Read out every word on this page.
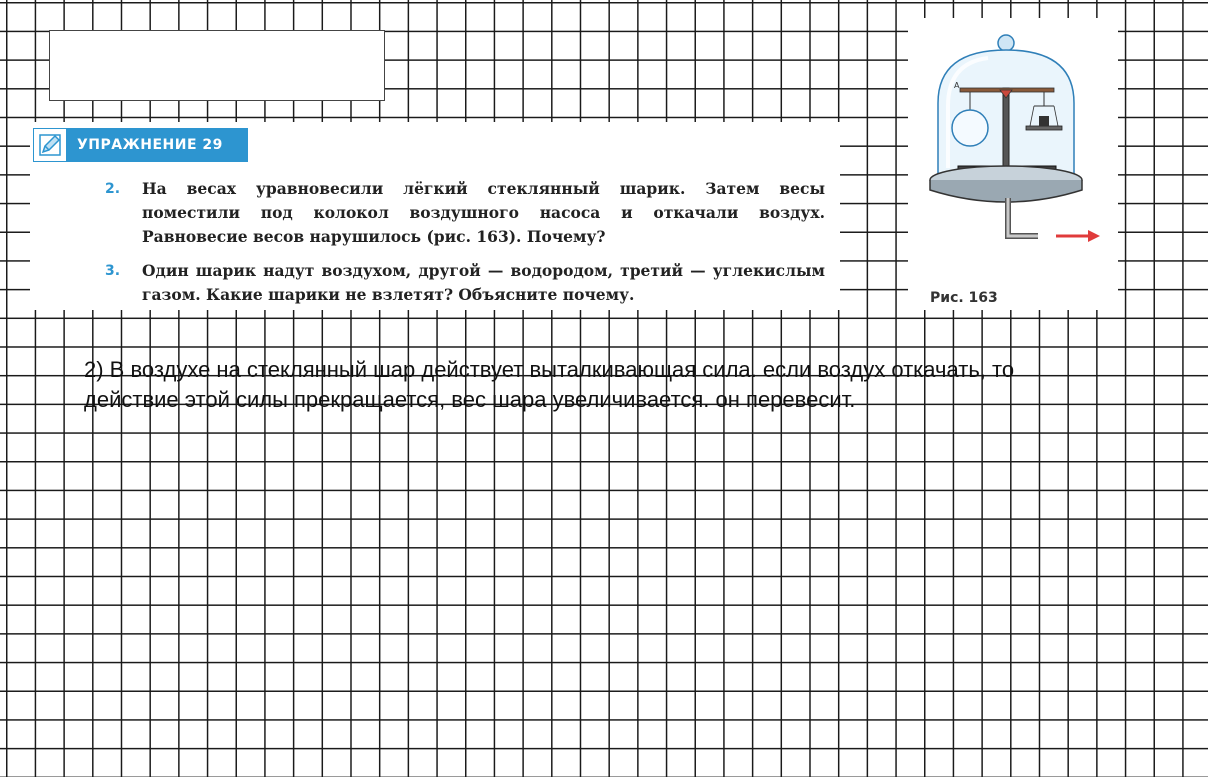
УПРАЖНЕНИЕ 29
2. На весах уравновесили лёгкий стеклянный шарик. Затем весы поместили под колокол воздушного насоса и откачали воздух. Равновесие весов нарушилось (рис. 163). Почему?
3. Один шарик надут воздухом, другой — водородом, третий — углекислым газом. Какие шарики не взлетят? Объясните почему.
A
Рис. 163
2) В воздухе на стеклянный шар действует выталкивающая сила. если воздух откачать, то
действие этой силы прекращается, вес шара увеличивается. он перевесит.
